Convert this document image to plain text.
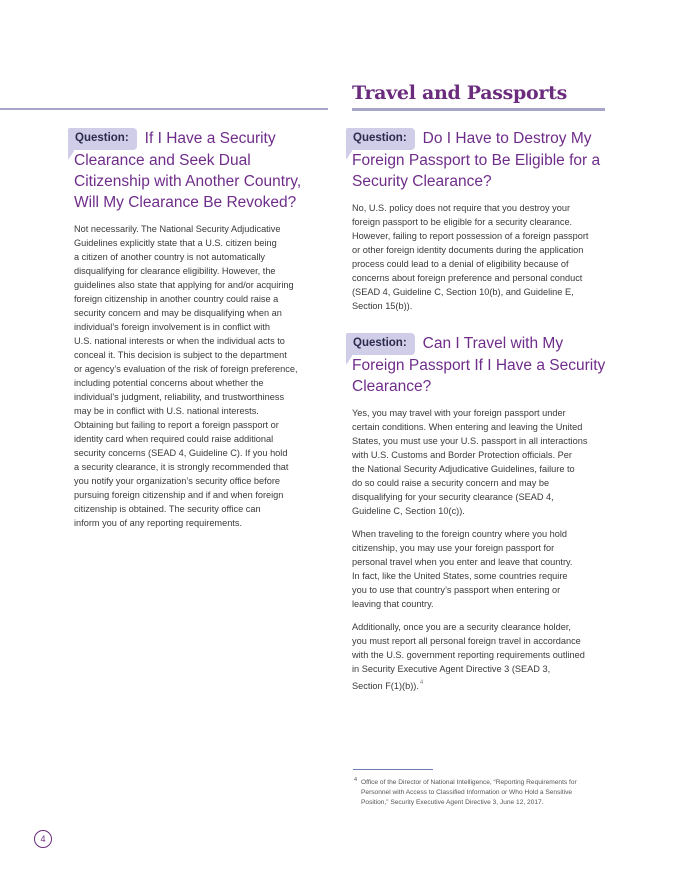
Travel and Passports
Question: If I Have a Security Clearance and Seek Dual Citizenship with Another Country, Will My Clearance Be Revoked?

Not necessarily. The National Security Adjudicative
Guidelines explicitly state that a U.S. citizen being
a citizen of another country is not automatically
disqualifying for clearance eligibility. However, the
guidelines also state that applying for and/or acquiring
foreign citizenship in another country could raise a
security concern and may be disqualifying when an
individual’s foreign involvement is in conflict with
U.S. national interests or when the individual acts to
conceal it. This decision is subject to the department
or agency’s evaluation of the risk of foreign preference,
including potential concerns about whether the
individual’s judgment, reliability, and trustworthiness
may be in conflict with U.S. national interests.
Obtaining but failing to report a foreign passport or
identity card when required could raise additional
security concerns (SEAD 4, Guideline C). If you hold
a security clearance, it is strongly recommended that
you notify your organization’s security office before
pursuing foreign citizenship and if and when foreign
citizenship is obtained. The security office can
inform you of any reporting requirements.

Question: Do I Have to Destroy My Foreign Passport to Be Eligible for a Security Clearance?

No, U.S. policy does not require that you destroy your
foreign passport to be eligible for a security clearance.
However, failing to report possession of a foreign passport
or other foreign identity documents during the application
process could lead to a denial of eligibility because of
concerns about foreign preference and personal conduct
(SEAD 4, Guideline C, Section 10(b), and Guideline E,
Section 15(b)).

Question: Can I Travel with My Foreign Passport If I Have a Security Clearance?

Yes, you may travel with your foreign passport under
certain conditions. When entering and leaving the United
States, you must use your U.S. passport in all interactions
with U.S. Customs and Border Protection officials. Per
the National Security Adjudicative Guidelines, failure to
do so could raise a security concern and may be
disqualifying for your security clearance (SEAD 4,
Guideline C, Section 10(c)).

When traveling to the foreign country where you hold
citizenship, you may use your foreign passport for
personal travel when you enter and leave that country.
In fact, like the United States, some countries require
you to use that country’s passport when entering or
leaving that country.

Additionally, once you are a security clearance holder,
you must report all personal foreign travel in accordance
with the U.S. government reporting requirements outlined
in Security Executive Agent Directive 3 (SEAD 3,
Section F(1)(b)).$^4$

4 Office of the Director of National Intelligence, “Reporting Requirements for
Personnel with Access to Classified Information or Who Hold a Sensitive
Position,” Security Executive Agent Directive 3, June 12, 2017.
4
